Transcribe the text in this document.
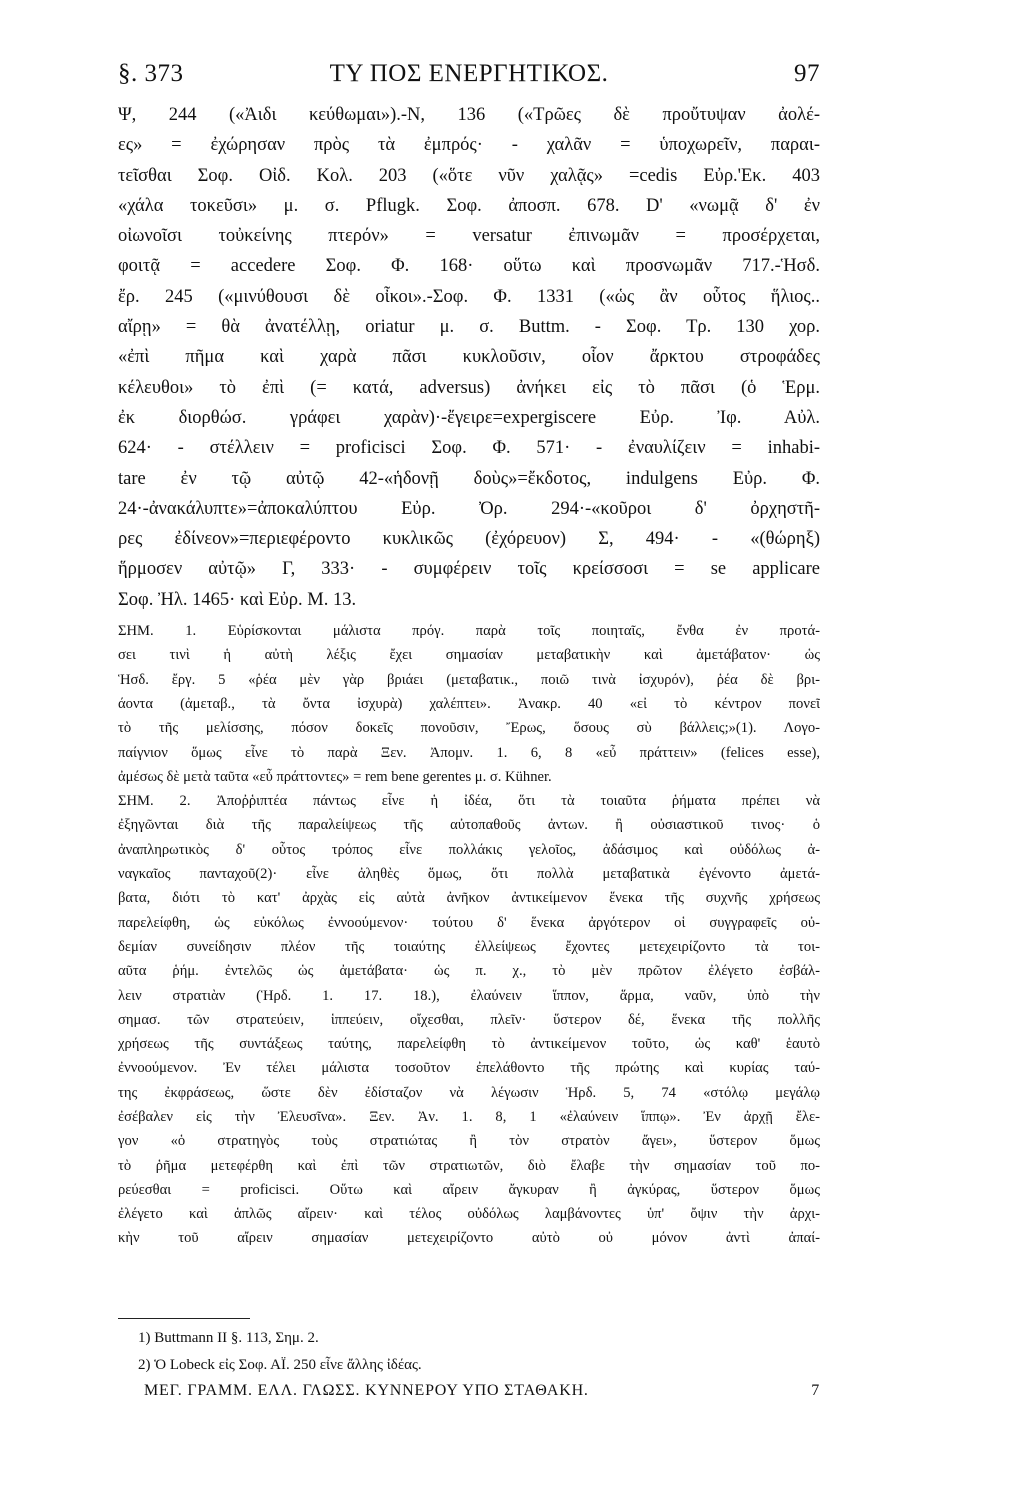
§. 373	ΤΥ ΠΟΣ ΕΝΕΡΓΗΤΙΚΟΣ.	97
Ψ, 244 («Ἀιδι κεύθωμαι»).-Ν, 136 («Τρῶες δὲ προὔτυψαν ἀολέ-
ες» = ἐχώρησαν πρὸς τὰ ἐμπρός· - χαλᾶν = ὑποχωρεῖν, παραι-
τεῖσθαι Σοφ. Οἰδ. Κολ. 203 («ὅτε νῦν χαλᾷς» =cedis Εὐρ.'Εκ. 403
«χάλα τοκεῦσι» μ. σ. Pflugk. Σοφ. ἀποσπ. 678. D' «νωμᾷ δ' ἐν
οἰωνοῖσι τοὐκείνης πτερόν» = versatur ἐπινωμᾶν = προσέρχεται,
φοιτᾷ = accedere Σοφ. Φ. 168· οὕτω καὶ προσνωμᾶν 717.-Ἡσδ.
ἔρ. 245 («μινύθουσι δὲ οἶκοι».-Σοφ. Φ. 1331 («ὡς ἂν οὗτος ἥλιος..
αἴρῃ» = θὰ ἀνατέλλῃ, oriatur μ. σ. Buttm. - Σοφ. Τρ. 130 χορ.
«ἐπὶ πῆμα καὶ χαρὰ πᾶσι κυκλοῦσιν, οἷον ἄρκτου στροφάδες
κέλευθοι» τὸ ἐπὶ (= κατά, adversus) ἀνήκει εἰς τὸ πᾶσι (ὁ Ἑρμ.
ἐκ διορθώσ. γράφει χαρὰν)·-ἔγειρε=expergiscere Εὐρ. Ἰφ. Αὐλ.
624· - στέλλειν = proficisci Σοφ. Φ. 571· - ἐναυλίζειν = inhabi-
tare ἐν τῷ αὐτῷ 42-«ἡδονῇ δοὺς»=ἔκδοτος, indulgens Εὐρ. Φ.
24·-ἀνακάλυπτε»=ἀποκαλύπτου Εὐρ. Ὀρ. 294·-«κοῦροι δ' ὀρχηστῆ-
ρες ἐδίνεον»=περιεφέροντο κυκλικῶς (ἐχόρευον) Σ, 494· - «(θώρηξ)
ἥρμοσεν αὐτῷ» Γ, 333· - συμφέρειν τοῖς κρείσσοσι = se applicare
Σοφ. Ἠλ. 1465· καὶ Εὐρ. Μ. 13.
ΣΗΜ. 1. Εὑρίσκονται μάλιστα πρόγ. παρὰ τοῖς ποιηταῖς, ἔνθα ἐν προτά-
σει τινὶ ἡ αὐτὴ λέξις ἔχει σημασίαν μεταβατικὴν καὶ ἀμετάβατον· ὡς
Ἡσδ. ἔργ. 5 «ῥέα μὲν γὰρ βριάει (μεταβατικ., ποιῶ τινὰ ἰσχυρόν), ῥέα δὲ βρι-
άοντα (ἀμεταβ., τὰ ὄντα ἰσχυρὰ) χαλέπτει». Ἀνακρ. 40 «εἰ τὸ κέντρον πονεῖ
τὸ τῆς μελίσσης, πόσον δοκεῖς πονοῦσιν, Ἔρως, ὅσους σὺ βάλλεις;»(1). Λογο-
παίγνιον ὅμως εἶνε τὸ παρὰ Ξεν. Ἀπομν. 1. 6, 8 «εὖ πράττειν» (felices esse),
ἀμέσως δὲ μετὰ ταῦτα «εὖ πράττοντες» = rem bene gerentes μ. σ. Kühner.
ΣΗΜ. 2. Ἀποῤῥιπτέα πάντως εἶνε ἡ ἰδέα, ὅτι τὰ τοιαῦτα ῥήματα πρέπει νὰ
ἐξηγῶνται διὰ τῆς παραλείψεως τῆς αὐτοπαθοῦς ἀντων. ἢ οὐσιαστικοῦ τινος· ὁ
ἀναπληρωτικὸς δ' οὗτος τρόπος εἶνε πολλάκις γελοῖος, ἀδάσιμος καὶ οὐδόλως ἀ-
ναγκαῖος πανταχοῦ(2)· εἶνε ἀληθὲς ὅμως, ὅτι πολλὰ μεταβατικὰ ἐγένοντο ἀμετά-
βατα, διότι τὸ κατ' ἀρχὰς εἰς αὐτὰ ἀνῆκον ἀντικείμενον ἕνεκα τῆς συχνῆς χρήσεως
παρελείφθη, ὡς εὐκόλως ἐννοούμενον· τούτου δ' ἕνεκα ἀργότερον οἱ συγγραφεῖς οὐ-
δεμίαν συνείδησιν πλέον τῆς τοιαύτης ἐλλείψεως ἔχοντες μετεχειρίζοντο τὰ τοι-
αῦτα ῥήμ. ἐντελῶς ὡς ἀμετάβατα· ὡς π. χ., τὸ μὲν πρῶτον ἐλέγετο ἐσβάλ-
λειν στρατιὰν (Ἡρδ. 1. 17. 18.), ἐλαύνειν ἵππον, ἅρμα, ναῦν, ὑπὸ τὴν
σημασ. τῶν στρατεύειν, ἱππεύειν, οἴχεσθαι, πλεῖν· ὕστερον δέ, ἕνεκα τῆς πολλῆς
χρήσεως τῆς συντάξεως ταύτης, παρελείφθη τὸ ἀντικείμενον τοῦτο, ὡς καθ' ἑαυτὸ
ἐννοούμενον. Ἐν τέλει μάλιστα τοσοῦτον ἐπελάθοντο τῆς πρώτης καὶ κυρίας ταύ-
της ἐκφράσεως, ὥστε δὲν ἐδίσταζον νὰ λέγωσιν Ἡρδ. 5, 74 «στόλῳ μεγάλῳ
ἐσέβαλεν εἰς τὴν Ἐλευσῖνα». Ξεν. Ἀν. 1. 8, 1 «ἐλαύνειν ἵππῳ». Ἐν ἀρχῇ ἔλε-
γον «ὁ στρατηγὸς τοὺς στρατιώτας ἢ τὸν στρατὸν ἄγει», ὕστερον ὅμως
τὸ ῥῆμα μετεφέρθη καὶ ἐπὶ τῶν στρατιωτῶν, διὸ ἔλαβε τὴν σημασίαν τοῦ πο-
ρεύεσθαι = proficisci. Οὕτω καὶ αἴρειν ἄγκυραν ἢ ἀγκύρας, ὕστερον ὅμως
ἐλέγετο καὶ ἁπλῶς αἴρειν· καὶ τέλος οὐδόλως λαμβάνοντες ὑπ' ὄψιν τὴν ἀρχι-
κὴν τοῦ αἴρειν σημασίαν μετεχειρίζοντο αὐτὸ οὐ μόνον ἀντὶ ἀπαί-
1) Buttmann II §. 113, Σημ. 2.
2) Ὁ Lobeck εἰς Σοφ. ΑΪ. 250 εἶνε ἄλλης ἰδέας.
ΜΕΓ. ΓΡΑΜΜ. ΕΛΛ. ΓΛΩΣΣ. ΚΥΝΝΕΡΟΥ ΥΠΟ ΣΤΑΘΑΚΗ.	7
